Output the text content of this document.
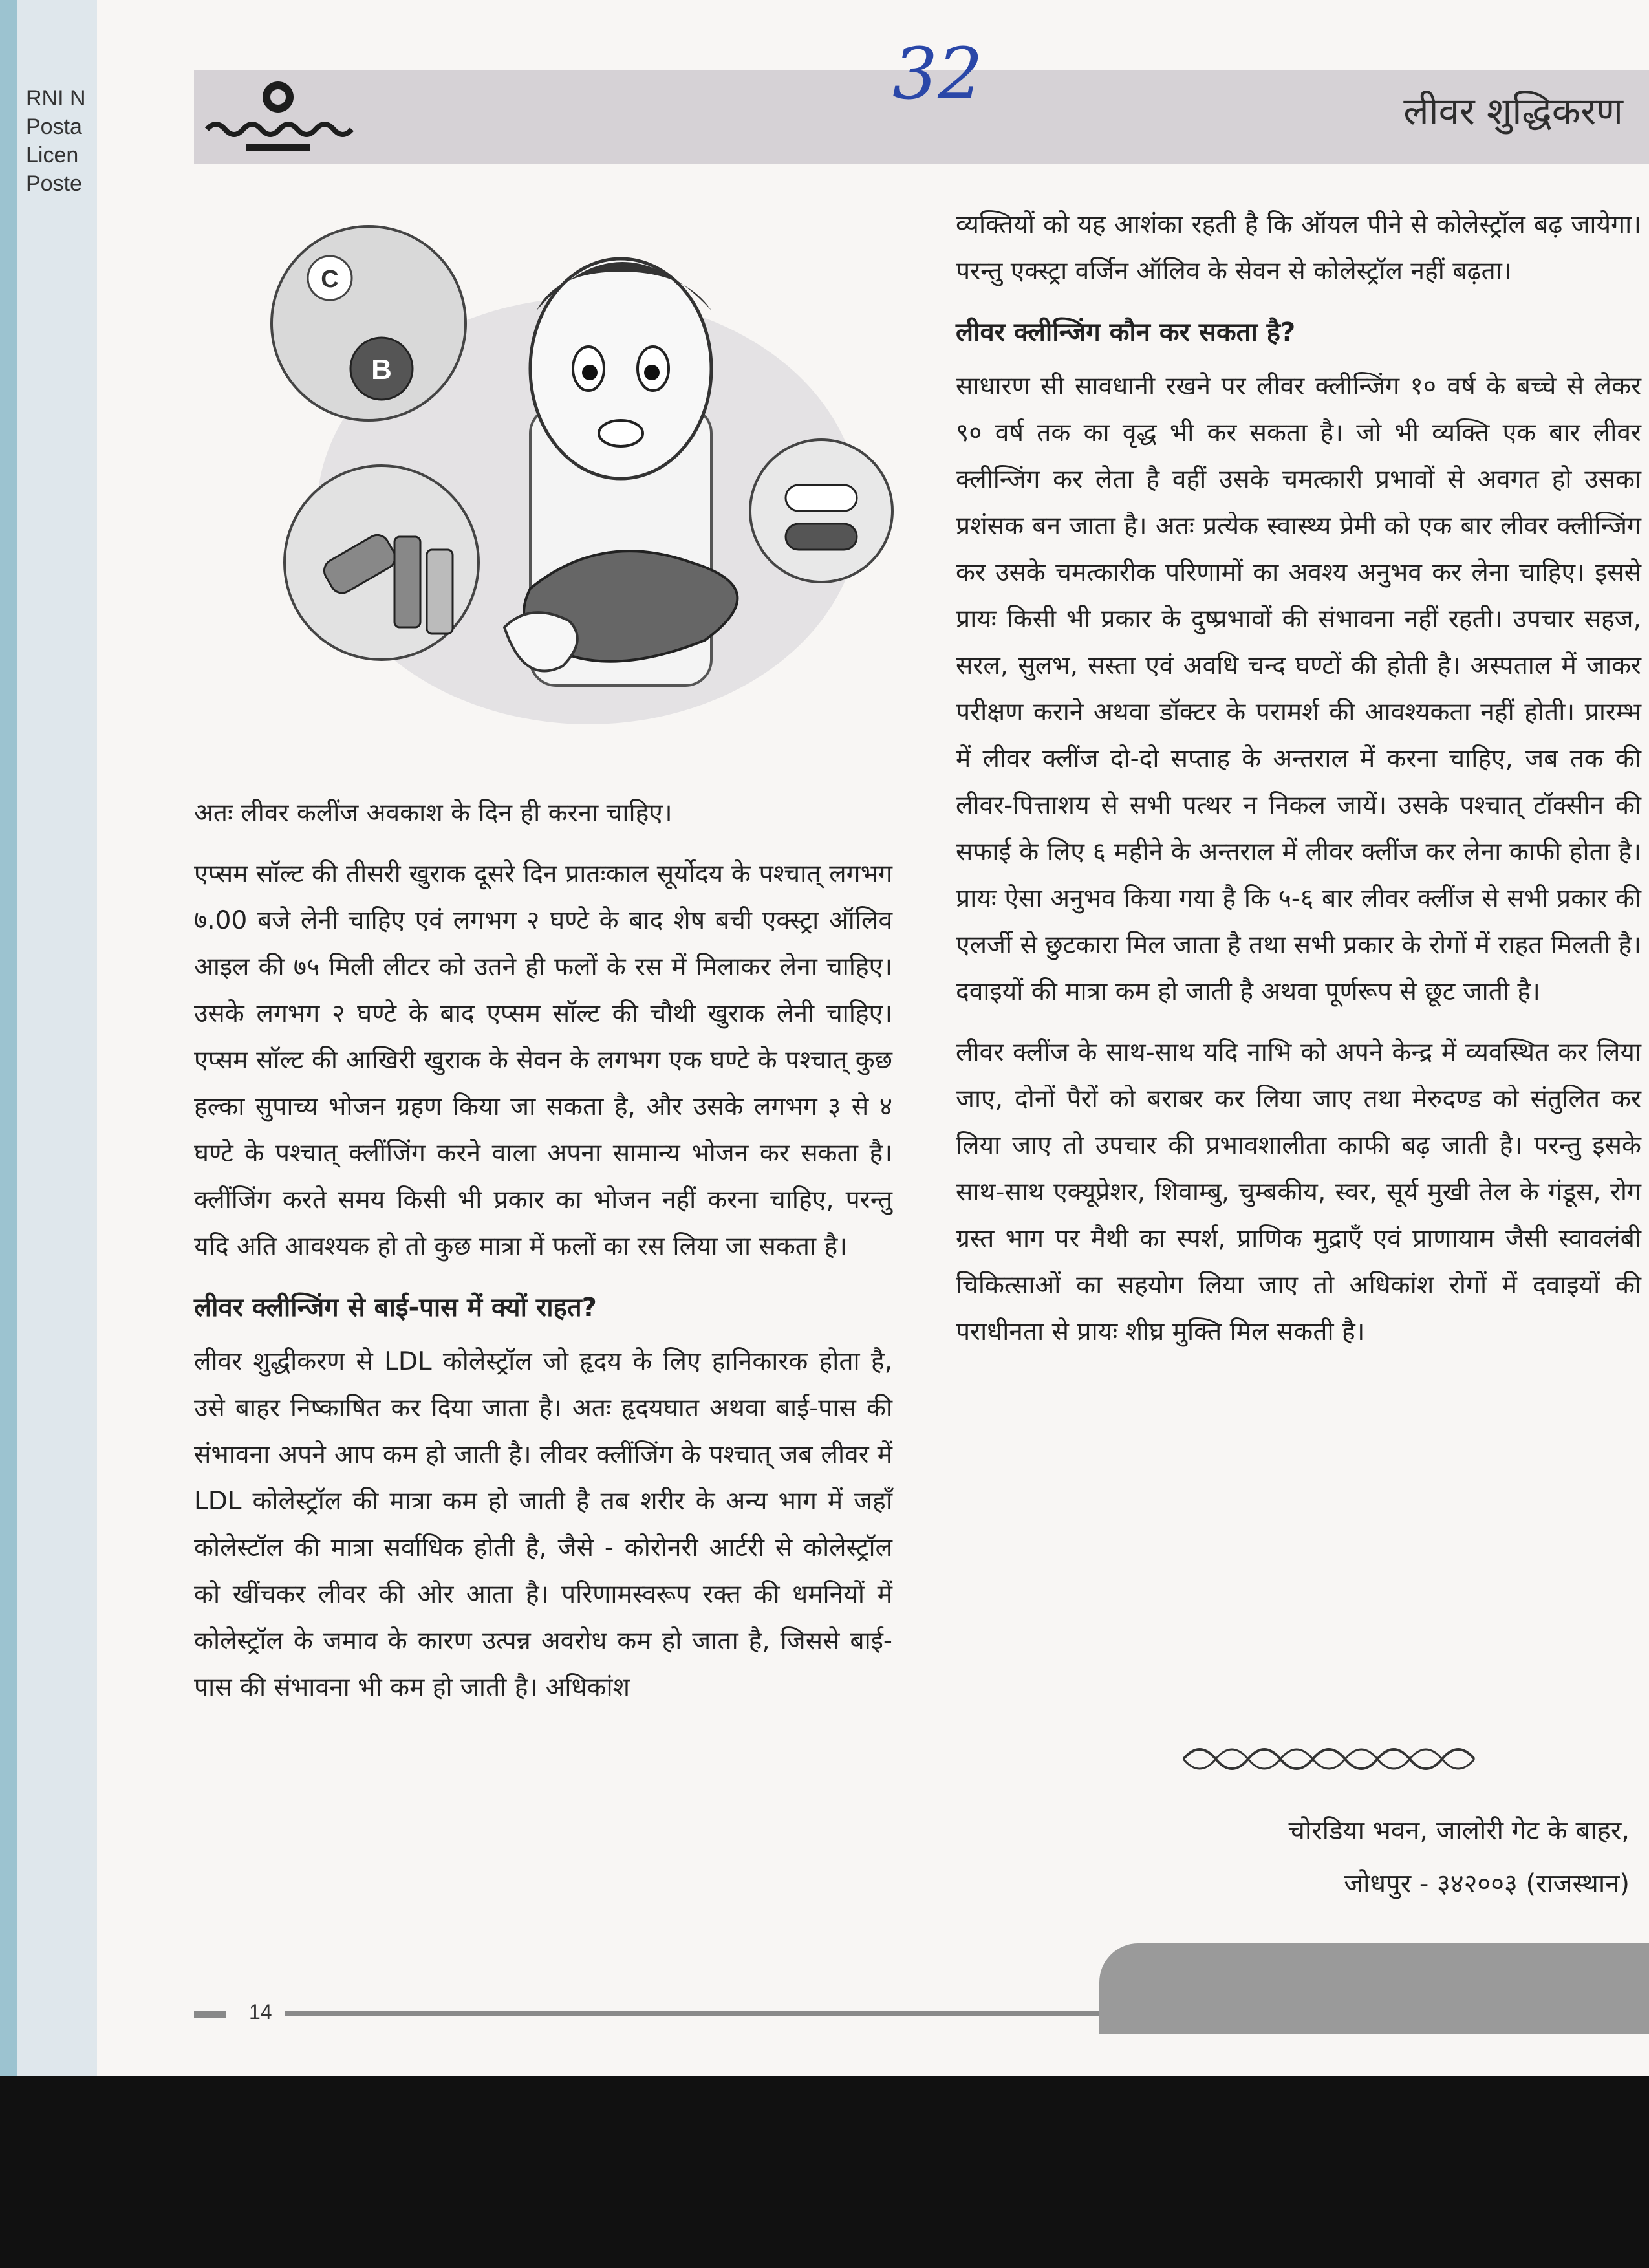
RNI N
Posta
Licen
Poste
32	लीवर शुद्धिकरण
C
B

अतः लीवर कलींज अवकाश के दिन ही करना चाहिए।

एप्सम सॉल्ट की तीसरी खुराक दूसरे दिन प्रातःकाल सूर्योदय के पश्चात् लगभग ७.00 बजे लेनी चाहिए एवं लगभग २ घण्टे के बाद शेष बची एक्स्ट्रा ऑलिव आइल की ७५ मिली लीटर को उतने ही फलों के रस में मिलाकर लेना चाहिए। उसके लगभग २ घण्टे के बाद एप्सम सॉल्ट की चौथी खुराक लेनी चाहिए। एप्सम सॉल्ट की आखिरी खुराक के सेवन के लगभग एक घण्टे के पश्चात् कुछ हल्का सुपाच्य भोजन ग्रहण किया जा सकता है, और उसके लगभग ३ से ४ घण्टे के पश्चात् क्लींजिंग करने वाला अपना सामान्य भोजन कर सकता है। क्लींजिंग करते समय किसी भी प्रकार का भोजन नहीं करना चाहिए, परन्तु यदि अति आवश्यक हो तो कुछ मात्रा में फलों का रस लिया जा सकता है।

लीवर क्लीन्जिंग से बाई-पास में क्यों राहत?

लीवर शुद्धीकरण से LDL कोलेस्ट्रॉल जो हृदय के लिए हानिकारक होता है, उसे बाहर निष्काषित कर दिया जाता है। अतः हृदयघात अथवा बाई-पास की संभावना अपने आप कम हो जाती है। लीवर क्लींजिंग के पश्चात् जब लीवर में LDL कोलेस्ट्रॉल की मात्रा कम हो जाती है तब शरीर के अन्य भाग में जहाँ कोलेस्टॉल की मात्रा सर्वाधिक होती है, जैसे - कोरोनरी आर्टरी से कोलेस्ट्रॉल को खींचकर लीवर की ओर आता है। परिणामस्वरूप रक्त की धमनियों में कोलेस्ट्रॉल के जमाव के कारण उत्पन्न अवरोध कम हो जाता है, जिससे बाई-पास की संभावना भी कम हो जाती है। अधिकांश

व्यक्तियों को यह आशंका रहती है कि ऑयल पीने से कोलेस्ट्रॉल बढ़ जायेगा। परन्तु एक्स्ट्रा वर्जिन ऑलिव के सेवन से कोलेस्ट्रॉल नहीं बढ़ता।

लीवर क्लीन्जिंग कौन कर सकता है?

साधारण सी सावधानी रखने पर लीवर क्लीन्जिंग १० वर्ष के बच्चे से लेकर ९० वर्ष तक का वृद्ध भी कर सकता है। जो भी व्यक्ति एक बार लीवर क्लीन्जिंग कर लेता है वहीं उसके चमत्कारी प्रभावों से अवगत हो उसका प्रशंसक बन जाता है। अतः प्रत्येक स्वास्थ्य प्रेमी को एक बार लीवर क्लीन्जिंग कर उसके चमत्कारीक परिणामों का अवश्य अनुभव कर लेना चाहिए। इससे प्रायः किसी भी प्रकार के दुष्प्रभावों की संभावना नहीं रहती। उपचार सहज, सरल, सुलभ, सस्ता एवं अवधि चन्द घण्टों की होती है। अस्पताल में जाकर परीक्षण कराने अथवा डॉक्टर के परामर्श की आवश्यकता नहीं होती। प्रारम्भ में लीवर क्लींज दो-दो सप्ताह के अन्तराल में करना चाहिए, जब तक की लीवर-पित्ताशय से सभी पत्थर न निकल जायें। उसके पश्चात् टॉक्सीन की सफाई के लिए ६ महीने के अन्तराल में लीवर क्लींज कर लेना काफी होता है। प्रायः ऐसा अनुभव किया गया है कि ५-६ बार लीवर क्लींज से सभी प्रकार की एलर्जी से छुटकारा मिल जाता है तथा सभी प्रकार के रोगों में राहत मिलती है। दवाइयों की मात्रा कम हो जाती है अथवा पूर्णरूप से छूट जाती है।

लीवर क्लींज के साथ-साथ यदि नाभि को अपने केन्द्र में व्यवस्थित कर लिया जाए, दोनों पैरों को बराबर कर लिया जाए तथा मेरुदण्ड को संतुलित कर लिया जाए तो उपचार की प्रभावशालीता काफी बढ़ जाती है। परन्तु इसके साथ-साथ एक्यूप्रेशर, शिवाम्बु, चुम्बकीय, स्वर, सूर्य मुखी तेल के गंडूस, रोग ग्रस्त भाग पर मैथी का स्पर्श, प्राणिक मुद्राएँ एवं प्राणायाम जैसी स्वावलंबी चिकित्साओं का सहयोग लिया जाए तो अधिकांश रोगों में दवाइयों की पराधीनता से प्रायः शीघ्र मुक्ति मिल सकती है।

चोरडिया भवन, जालोरी गेट के बाहर,
जोधपुर - ३४२००३ (राजस्थान)
14
